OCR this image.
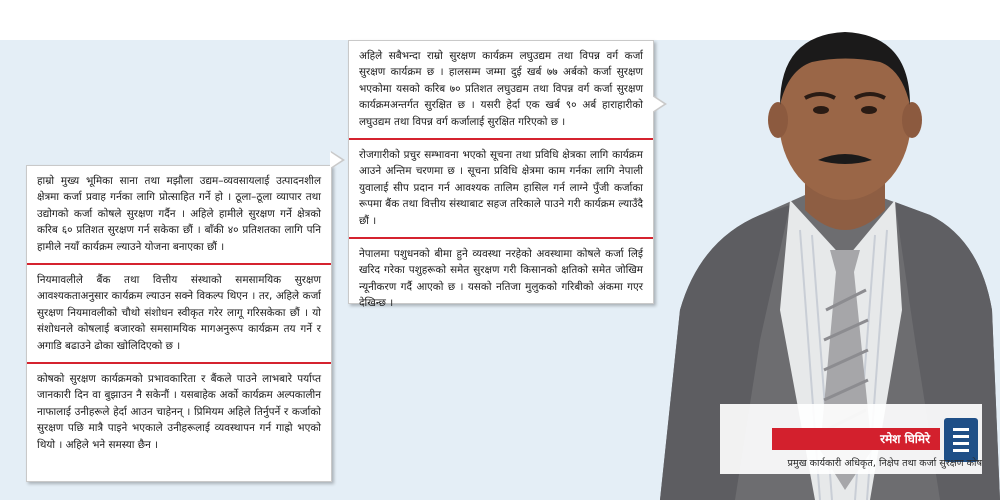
हाम्रो मुख्य भूमिका साना तथा मझौला उद्यम–व्यवसायलाई उत्पादनशील क्षेत्रमा कर्जा प्रवाह गर्नका लागि प्रोत्साहित गर्ने हो । ठूला–ठूला व्यापार तथा उद्योगको कर्जा कोषले सुरक्षण गर्दैन । अहिले हामीले सुरक्षण गर्ने क्षेत्रको करिब ६० प्रतिशत सुरक्षण गर्न सकेका छौं । बाँकी ४० प्रतिशतका लागि पनि हामीले नयाँ कार्यक्रम ल्याउने योजना बनाएका छौं ।

नियमावलीले बैंक तथा वित्तीय संस्थाको समसामयिक सुरक्षण आवश्यकताअनुसार कार्यक्रम ल्याउन सक्ने विकल्प थिएन । तर, अहिले कर्जा सुरक्षण नियमावलीको चौथो संशोधन स्वीकृत गरेर लागू गरिसकेका छौं । यो संशोधनले कोषलाई बजारको समसामयिक मागअनुरूप कार्यक्रम तय गर्ने र अगाडि बढाउने ढोका खोलिदिएको छ ।

कोषको सुरक्षण कार्यक्रमको प्रभावकारिता र बैंकले पाउने लाभबारे पर्याप्त जानकारी दिन वा बुझाउन नै सकेनौं । यसबाहेक अर्को कार्यक्रम अल्पकालीन नाफालाई उनीहरूले हेर्दा आउन चाहेनन् । प्रिमियम अहिले तिर्नुपर्ने र कर्जाको सुरक्षण पछि मात्रै पाइने भएकाले उनीहरूलाई व्यवस्थापन गर्न गाह्रो भएको थियो । अहिले भने समस्या छैन ।

अहिले सबैभन्दा राम्रो सुरक्षण कार्यक्रम लघुउद्यम तथा विपन्न वर्ग कर्जा सुरक्षण कार्यक्रम छ । हालसम्म जम्मा दुई खर्ब ७७ अर्बको कर्जा सुरक्षण भएकोमा यसको करिब ७० प्रतिशत लघुउद्यम तथा विपन्न वर्ग कर्जा सुरक्षण कार्यक्रमअन्तर्गत सुरक्षित छ । यसरी हेर्दा एक खर्ब ९० अर्ब हाराहारीको लघुउद्यम तथा विपन्न वर्ग कर्जालाई सुरक्षित गरिएको छ ।

रोजगारीको प्रचुर सम्भावना भएको सूचना तथा प्रविधि क्षेत्रका लागि कार्यक्रम आउने अन्तिम चरणमा छ । सूचना प्रविधि क्षेत्रमा काम गर्नका लागि नेपाली युवालाई सीप प्रदान गर्न आवश्यक तालिम हासिल गर्न लाग्ने पुँजी कर्जाका रूपमा बैंक तथा वित्तीय संस्थाबाट सहज तरिकाले पाउने गरी कार्यक्रम ल्याउँदै छौं ।

नेपालमा पशुधनको बीमा हुने व्यवस्था नरहेको अवस्थामा कोषले कर्जा लिई खरिद गरेका पशुहरूको समेत सुरक्षण गरी किसानको क्षतिको समेत जोखिम न्यूनीकरण गर्दै आएको छ । यसको नतिजा मुलुकको गरिबीको अंकमा गएर देखिन्छ ।

रमेश घिमिरे
प्रमुख कार्यकारी अधिकृत, निक्षेप तथा कर्जा सुरक्षण कोष
